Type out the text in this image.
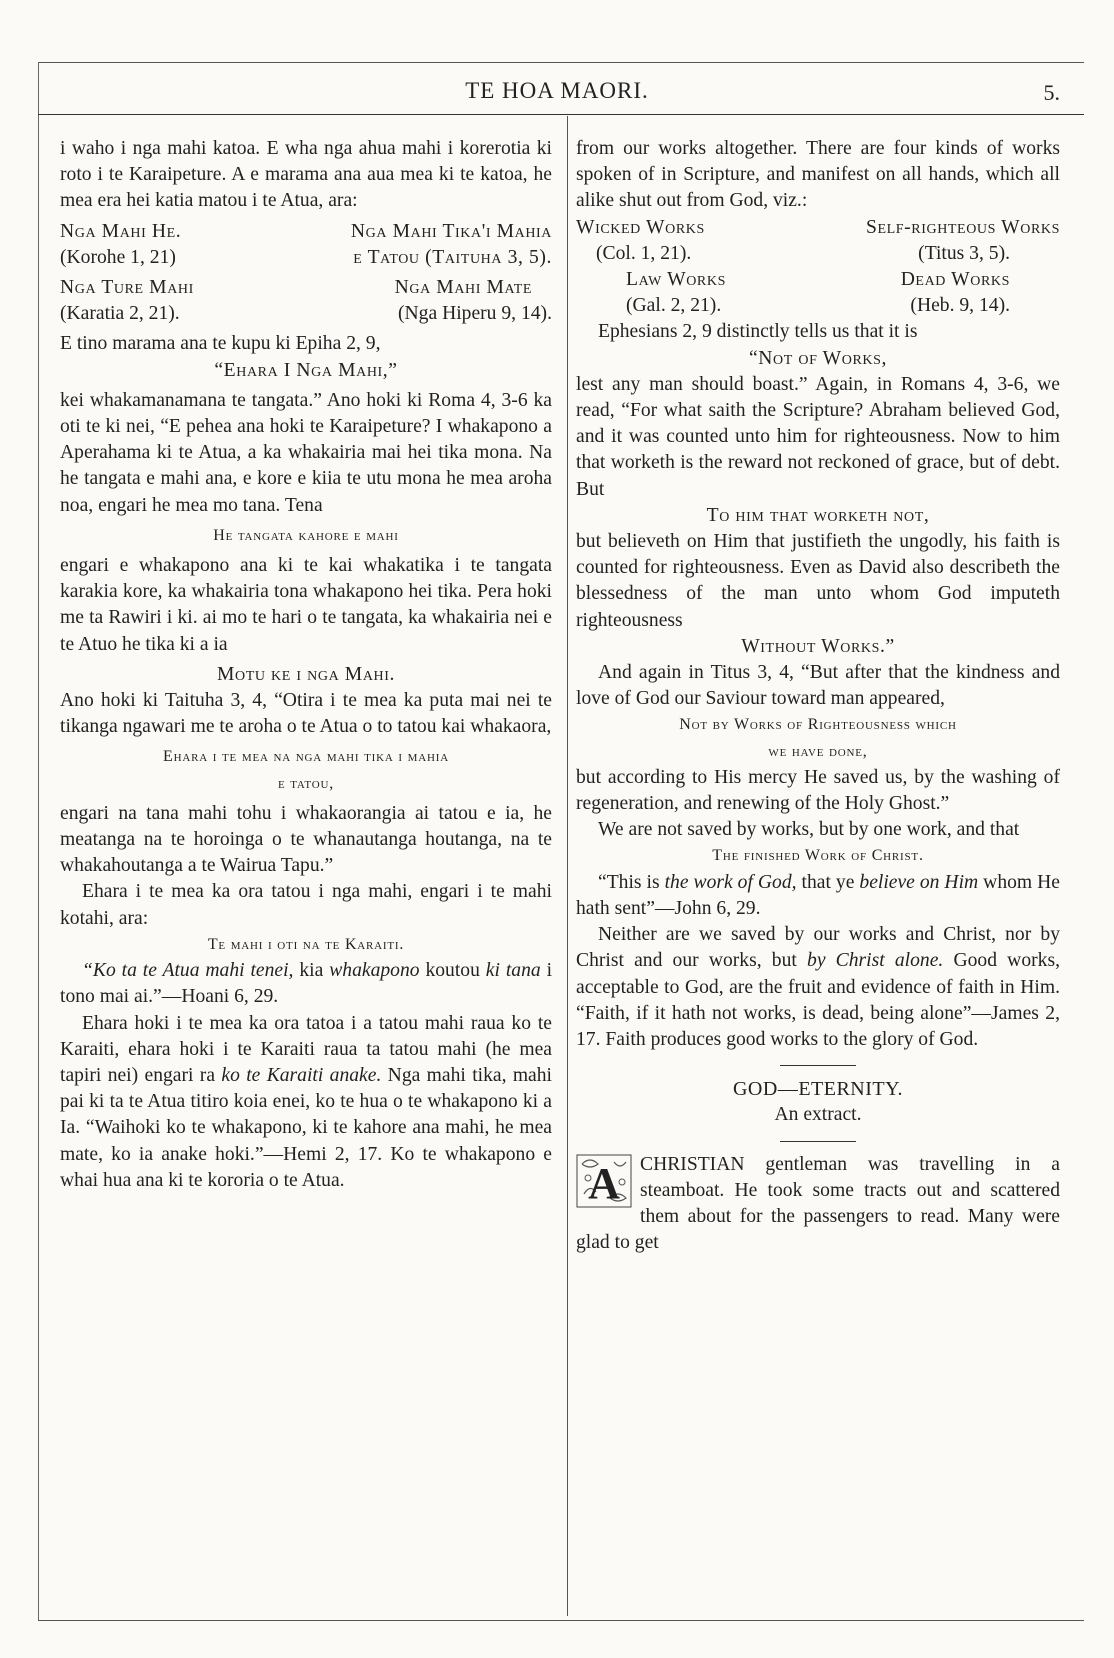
TE HOA MAORI.	5.

i waho i nga mahi katoa. E wha nga ahua mahi i korerotia ki roto i te Karaipeture. A e marama ana aua mea ki te katoa, he mea era hei katia matou i te Atua, ara:

Nga Mahi He.	Nga Mahi Tika'i Mahia
(Korohe 1, 21)	e Tatou (Taituha 3, 5).
Nga Ture Mahi	Nga Mahi Mate
(Karatia 2, 21).	(Nga Hiperu 9, 14).

E tino marama ana te kupu ki Epiha 2, 9,

“Ehara I Nga Mahi,”

kei whakamanamana te tangata.” Ano hoki ki Roma 4, 3-6 ka oti te ki nei, “E pehea ana hoki te Karaipeture? I whakapono a Aperahama ki te Atua, a ka whakairia mai hei tika mona. Na he tangata e mahi ana, e kore e kiia te utu mona he mea aroha noa, engari he mea mo tana. Tena

He tangata kahore e mahi

engari e whakapono ana ki te kai whakatika i te tangata karakia kore, ka whakairia tona whakapono hei tika. Pera hoki me ta Rawiri i ki. ai mo te hari o te tangata, ka whakairia nei e te Atuo he tika ki a ia

Motu ke i nga Mahi.

Ano hoki ki Taituha 3, 4, “Otira i te mea ka puta mai nei te tikanga ngawari me te aroha o te Atua o to tatou kai whakaora,

Ehara i te mea na nga mahi tika i mahia

e tatou,

engari na tana mahi tohu i whakaorangia ai tatou e ia, he meatanga na te horoinga o te whanautanga houtanga, na te whakahoutanga a te Wairua Tapu.”

Ehara i te mea ka ora tatou i nga mahi, engari i te mahi kotahi, ara:

Te mahi i oti na te Karaiti.

“Ko ta te Atua mahi tenei, kia whakapono koutou ki tana i tono mai ai.”—Hoani 6, 29.

Ehara hoki i te mea ka ora tatoa i a tatou mahi raua ko te Karaiti, ehara hoki i te Karaiti raua ta tatou mahi (he mea tapiri nei) engari ra ko te Karaiti anake. Nga mahi tika, mahi pai ki ta te Atua titiro koia enei, ko te hua o te whakapono ki a Ia. “Waihoki ko te whakapono, ki te kahore ana mahi, he mea mate, ko ia anake hoki.”—Hemi 2, 17. Ko te whakapono e whai hua ana ki te kororia o te Atua.

from our works altogether. There are four kinds of works spoken of in Scripture, and manifest on all hands, which all alike shut out from God, viz.:

Wicked Works	Self-righteous Works
(Col. 1, 21).	(Titus 3, 5).
Law Works	Dead Works
(Gal. 2, 21).	(Heb. 9, 14).

Ephesians 2, 9 distinctly tells us that it is

“Not of Works,

lest any man should boast.” Again, in Romans 4, 3-6, we read, “For what saith the Scripture? Abraham believed God, and it was counted unto him for righteousness. Now to him that worketh is the reward not reckoned of grace, but of debt. But

To him that worketh not,

but believeth on Him that justifieth the ungodly, his faith is counted for righteousness. Even as David also describeth the blessedness of the man unto whom God imputeth righteousness

Without Works.”

And again in Titus 3, 4, “But after that the kindness and love of God our Saviour toward man appeared,

Not by Works of Righteousness which

we have done,

but according to His mercy He saved us, by the washing of regeneration, and renewing of the Holy Ghost.”

We are not saved by works, but by one work, and that

The finished Work of Christ.

“This is the work of God, that ye believe on Him whom He hath sent”—John 6, 29.

Neither are we saved by our works and Christ, nor by Christ and our works, but by Christ alone. Good works, acceptable to God, are the fruit and evidence of faith in Him. “Faith, if it hath not works, is dead, being alone”—James 2, 17. Faith produces good works to the glory of God.

GOD—ETERNITY.

An extract.

A CHRISTIAN gentleman was travelling in a steamboat. He took some tracts out and scattered them about for the passengers to read. Many were glad to get
